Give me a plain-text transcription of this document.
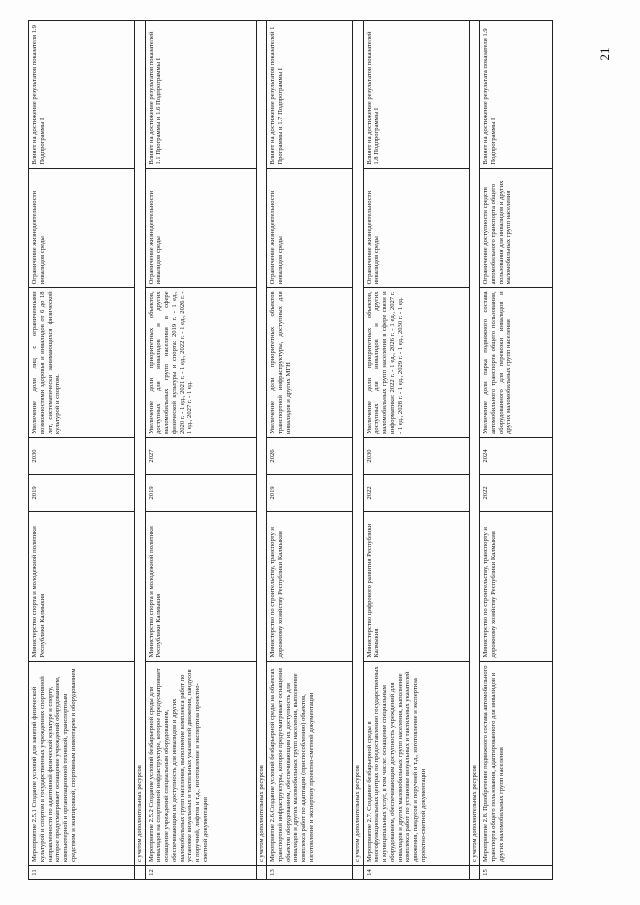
21
11
Мероприятие 2.5.1 Создание условий для занятий физической культурой и спортом в государственных учреждениях спортивной направленности по адаптивной физической культуре и спорту, которое предусматривает оснащение учреждений оборудованием, компьютерной и организационной техникой, транспортным средством и экипировкой, спортивным инвентарем и оборудованием
Министерство спорта и молодежной политики Республики Калмыкия
2019
2030
Увеличение доли лиц с ограниченными возможностями здоровья и инвалидов от 6 до 18 лет, систематически занимающихся физической культурой и спортом.
Ограничение жизнедеятельности инвалидов среды
Влияет на достижение результатов показателя 1.9 Подпрограммы I
с учетом дополнительных ресурсов
12
Мероприятие 2.5.2 Создание условий безбарьерной среды для инвалидов на спортивной инфраструктуре, которое предусматривает оснащение учреждений специальным оборудованием, обеспечивающим их доступность для инвалидов и других маломобильных групп населения, выполнение комплекса работ по установке визуальных и тактильных указателей движения, пандусов и поручней, лифтов и т.д., изготовление и экспертиза проектно-сметной документации
Министерство спорта и молодежной политики Республики Калмыкия
2019
2027
Увеличение доли приоритетных объектов, доступных для инвалидов и других маломобильных групп населения в сфере физической культуры и спорта: 2019 г. - 1 ед., 2020 г. - 1 ед., 2021 г. - 1 ед., 2022 г. - 1 ед., 2026 г. - 1 ед., 2027 г. - 1 ед.
Ограничение жизнедеятельности инвалидов среды
Влияет на достижение результатов показателей 1.1 Программы и 1.6 Подпрограммы I
с учетом дополнительных ресурсов
13
Мероприятие 2.6.Создание условий безбарьерной среды на объектах транспортной инфраструктуры, которое предусматривает оснащение объектов оборудованием, обеспечивающим их доступность для инвалидов и других маломобильных групп населения, выполнение комплекса работ по адаптации (приспособлению) объектов, изготовление и экспертизу проектно-сметной документации
Министерство по строительству, транспорту и дорожному хозяйству Республики Калмыкия
2019
2026
Увеличение доли приоритетных объектов транспортной инфраструктуры, доступных для инвалидов и других МГН
Ограничение жизнедеятельности инвалидов среды
Влияет на достижение результатов показателей 1 Программы и 1.7 Подпрограммы I
с учетом дополнительных ресурсов
14
Мероприятие 2.7. Создание безбарьерной среды в многофункциональных центрах по предоставлению государственных и муниципальных услуг, в том числе: оснащение специальным оборудованием, обеспечивающим доступность учреждений для инвалидов и других маломобильных групп населения, выполнение комплекса работ по установке визуальных и тактильных указателей движения, пандусов и поручней и т.д., изготовление и экспертиза проектно-сметной документации
Министерство цифрового развития Республики Калмыкия
2022
2030
Увеличение доли приоритетных объектов, доступных для инвалидов и других маломобильных групп населения в сфере связи и информатики: 2022 г. - 1 ед., 2026 г. - 1 ед., 2027 г. - 1 ед., 2028 г. - 1 ед., 2029 г. - 1 ед., 2030 г. - 1 ед.
Ограничение жизнедеятельности инвалидов среды
Влияет на достижение результатов показателей 1.8 Подпрограммы I
с учетом дополнительных ресурсов
15
Мероприятие 2.8. Приобретение подвижного состава автомобильного транспорта общего пользования, адаптированного для инвалидов и других маломобильных групп населения
Министерство по строительству, транспорту и дорожному хозяйству Республики Калмыкия
2022
2024
Увеличение доли парка подвижного состава автомобильного транспорта общего пользования, оборудованного для перевозки инвалидов и других маломобильных групп населения
Ограничение доступности средств автомобильного транспорта общего пользования для инвалидов и других маломобильных групп населения
Влияет на достижение результата показателя 1.9 Подпрограммы I
